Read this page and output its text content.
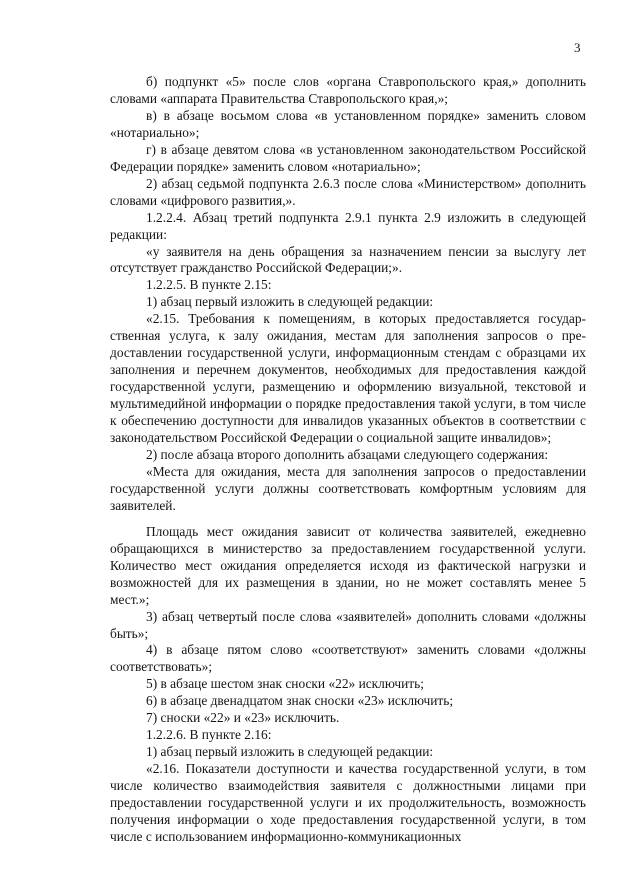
3

б) подпункт «5» после слов «органа Ставропольского края,» дополнить словами «аппарата Правительства Ставропольского края,»;

в) в абзаце восьмом слова «в установленном порядке» заменить словом «нотариально»;

г) в абзаце девятом слова «в установленном законодательством Российской Федерации порядке» заменить словом «нотариально»;

2) абзац седьмой подпункта 2.6.3 после слова «Министерством» дополнить словами «цифрового развития,».

1.2.2.4. Абзац третий подпункта 2.9.1 пункта 2.9 изложить в следующей редакции:

«у заявителя на день обращения за назначением пенсии за выслугу лет отсутствует гражданство Российской Федерации;».

1.2.2.5. В пункте 2.15:

1) абзац первый изложить в следующей редакции:

«2.15. Требования к помещениям, в которых предоставляется государственная услуга, к залу ожидания, местам для заполнения запросов о предоставлении государственной услуги, информационным стендам с образцами их заполнения и перечнем документов, необходимых для предоставления каждой государственной услуги, размещению и оформлению визуальной, текстовой и мультимедийной информации о порядке предоставления такой услуги, в том числе к обеспечению доступности для инвалидов указанных объектов в соответствии с законодательством Российской Федерации о социальной защите инвалидов»;

2) после абзаца второго дополнить абзацами следующего содержания:

«Места для ожидания, места для заполнения запросов о предоставлении государственной услуги должны соответствовать комфортным условиям для заявителей.

Площадь мест ожидания зависит от количества заявителей, ежедневно обращающихся в министерство за предоставлением государственной услуги. Количество мест ожидания определяется исходя из фактической нагрузки и возможностей для их размещения в здании, но не может составлять менее 5 мест.»;

3) абзац четвертый после слова «заявителей» дополнить словами «должны быть»;

4) в абзаце пятом слово «соответствуют» заменить словами «должны соответствовать»;

5) в абзаце шестом знак сноски «22» исключить;

6) в абзаце двенадцатом знак сноски «23» исключить;

7) сноски «22» и «23» исключить.

1.2.2.6. В пункте 2.16:

1) абзац первый изложить в следующей редакции:

«2.16. Показатели доступности и качества государственной услуги, в том числе количество взаимодействия заявителя с должностными лицами при предоставлении государственной услуги и их продолжительность, возможность получения информации о ходе предоставления государственной услуги, в том числе с использованием информационно-коммуникационных
